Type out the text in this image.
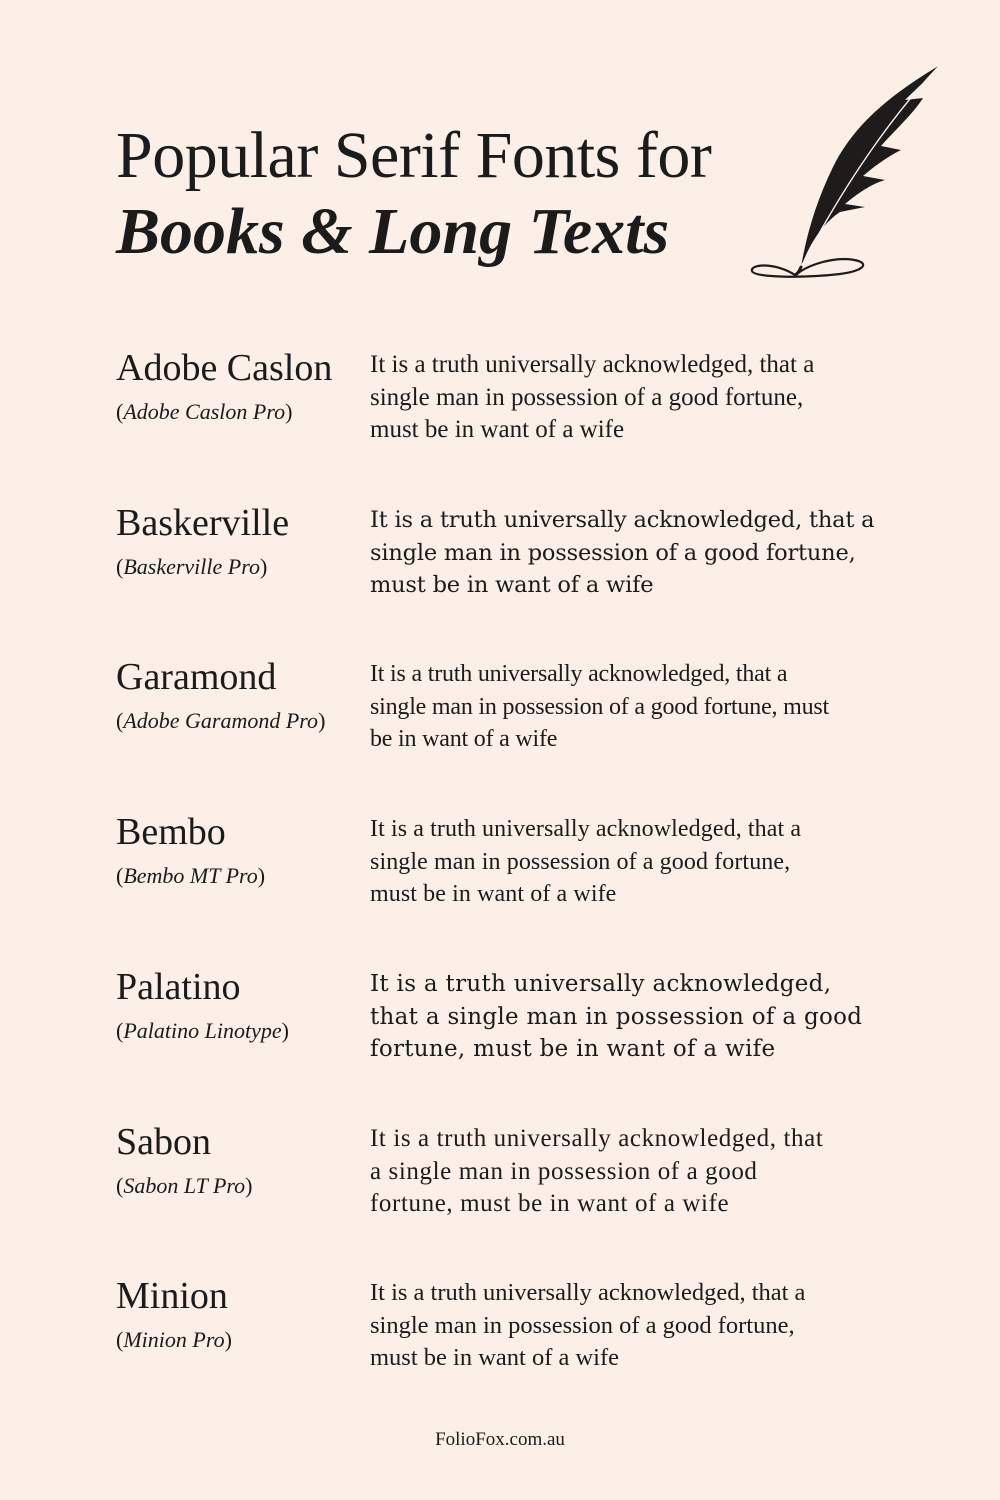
Popular Serif Fonts for
Books & Long Texts
Adobe Caslon
(Adobe Caslon Pro)
It is a truth universally acknowledged, that a
single man in possession of a good fortune,
must be in want of a wife
Baskerville
(Baskerville Pro)
It is a truth universally acknowledged, that a
single man in possession of a good fortune,
must be in want of a wife
Garamond
(Adobe Garamond Pro)
It is a truth universally acknowledged, that a
single man in possession of a good fortune, must
be in want of a wife
Bembo
(Bembo MT Pro)
It is a truth universally acknowledged, that a
single man in possession of a good fortune,
must be in want of a wife
Palatino
(Palatino Linotype)
It is a truth universally acknowledged,
that a single man in possession of a good
fortune, must be in want of a wife
Sabon
(Sabon LT Pro)
It is a truth universally acknowledged, that
a single man in possession of a good
fortune, must be in want of a wife
Minion
(Minion Pro)
It is a truth universally acknowledged, that a
single man in possession of a good fortune,
must be in want of a wife
FolioFox.com.au
